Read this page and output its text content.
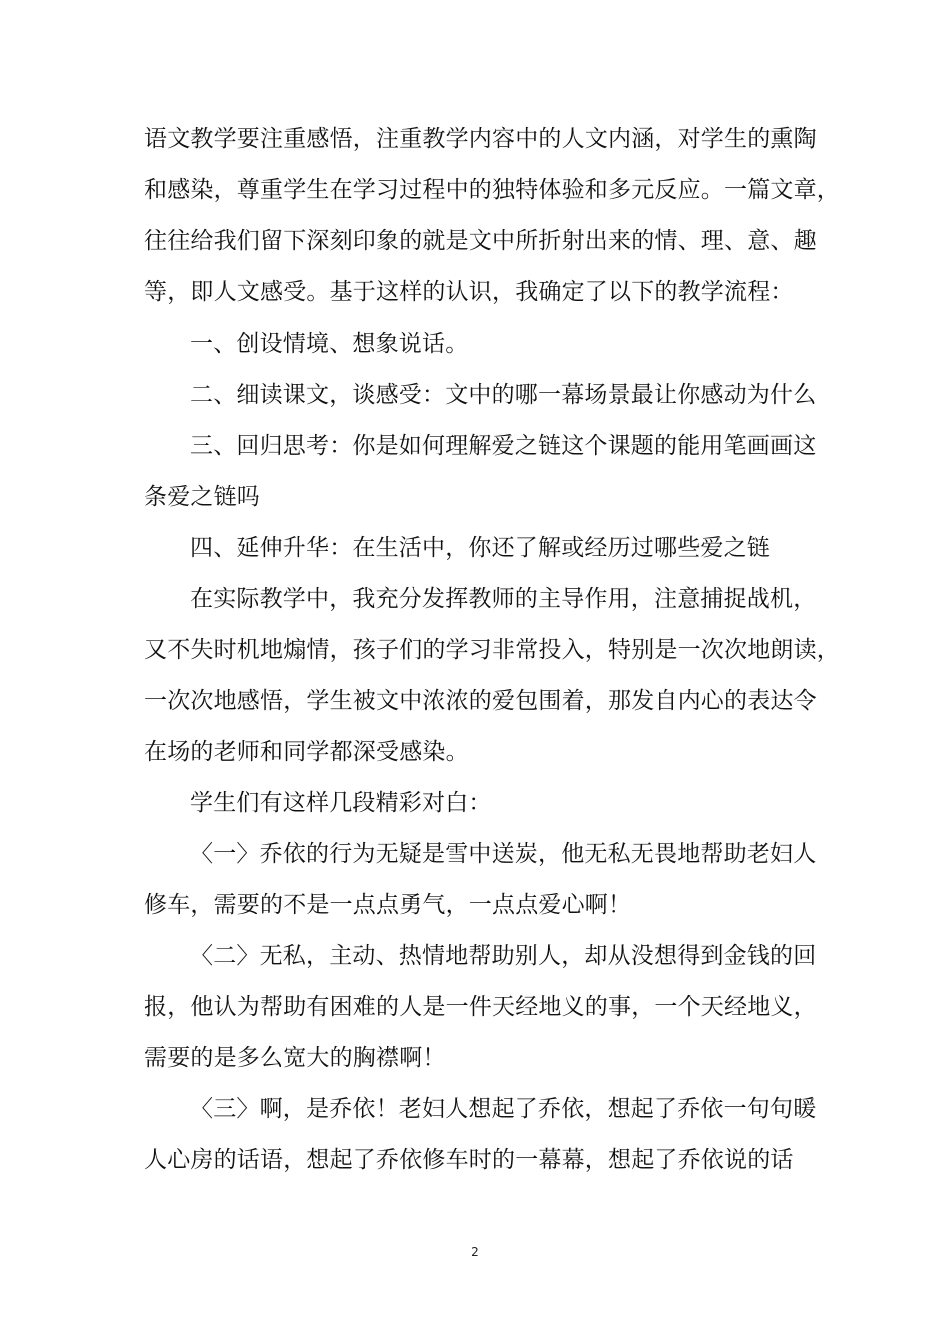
语文教学要注重感悟，注重教学内容中的人文内涵，对学生的熏陶
和感染，尊重学生在学习过程中的独特体验和多元反应。一篇文章，
往往给我们留下深刻印象的就是文中所折射出来的情、理、意、趣
等，即人文感受。基于这样的认识，我确定了以下的教学流程：
一、创设情境、想象说话。
二、细读课文，谈感受：文中的哪一幕场景最让你感动为什么
三、回归思考：你是如何理解爱之链这个课题的能用笔画画这
条爱之链吗
四、延伸升华：在生活中，你还了解或经历过哪些爱之链
在实际教学中，我充分发挥教师的主导作用，注意捕捉战机，
又不失时机地煽情，孩子们的学习非常投入，特别是一次次地朗读，
一次次地感悟，学生被文中浓浓的爱包围着，那发自内心的表达令
在场的老师和同学都深受感染。
学生们有这样几段精彩对白：
〈一〉乔依的行为无疑是雪中送炭，他无私无畏地帮助老妇人
修车，需要的不是一点点勇气，一点点爱心啊！
〈二〉无私，主动、热情地帮助别人，却从没想得到金钱的回
报，他认为帮助有困难的人是一件天经地义的事，一个天经地义，
需要的是多么宽大的胸襟啊！
〈三〉啊，是乔依！老妇人想起了乔依，想起了乔依一句句暖
人心房的话语，想起了乔依修车时的一幕幕，想起了乔依说的话
2
